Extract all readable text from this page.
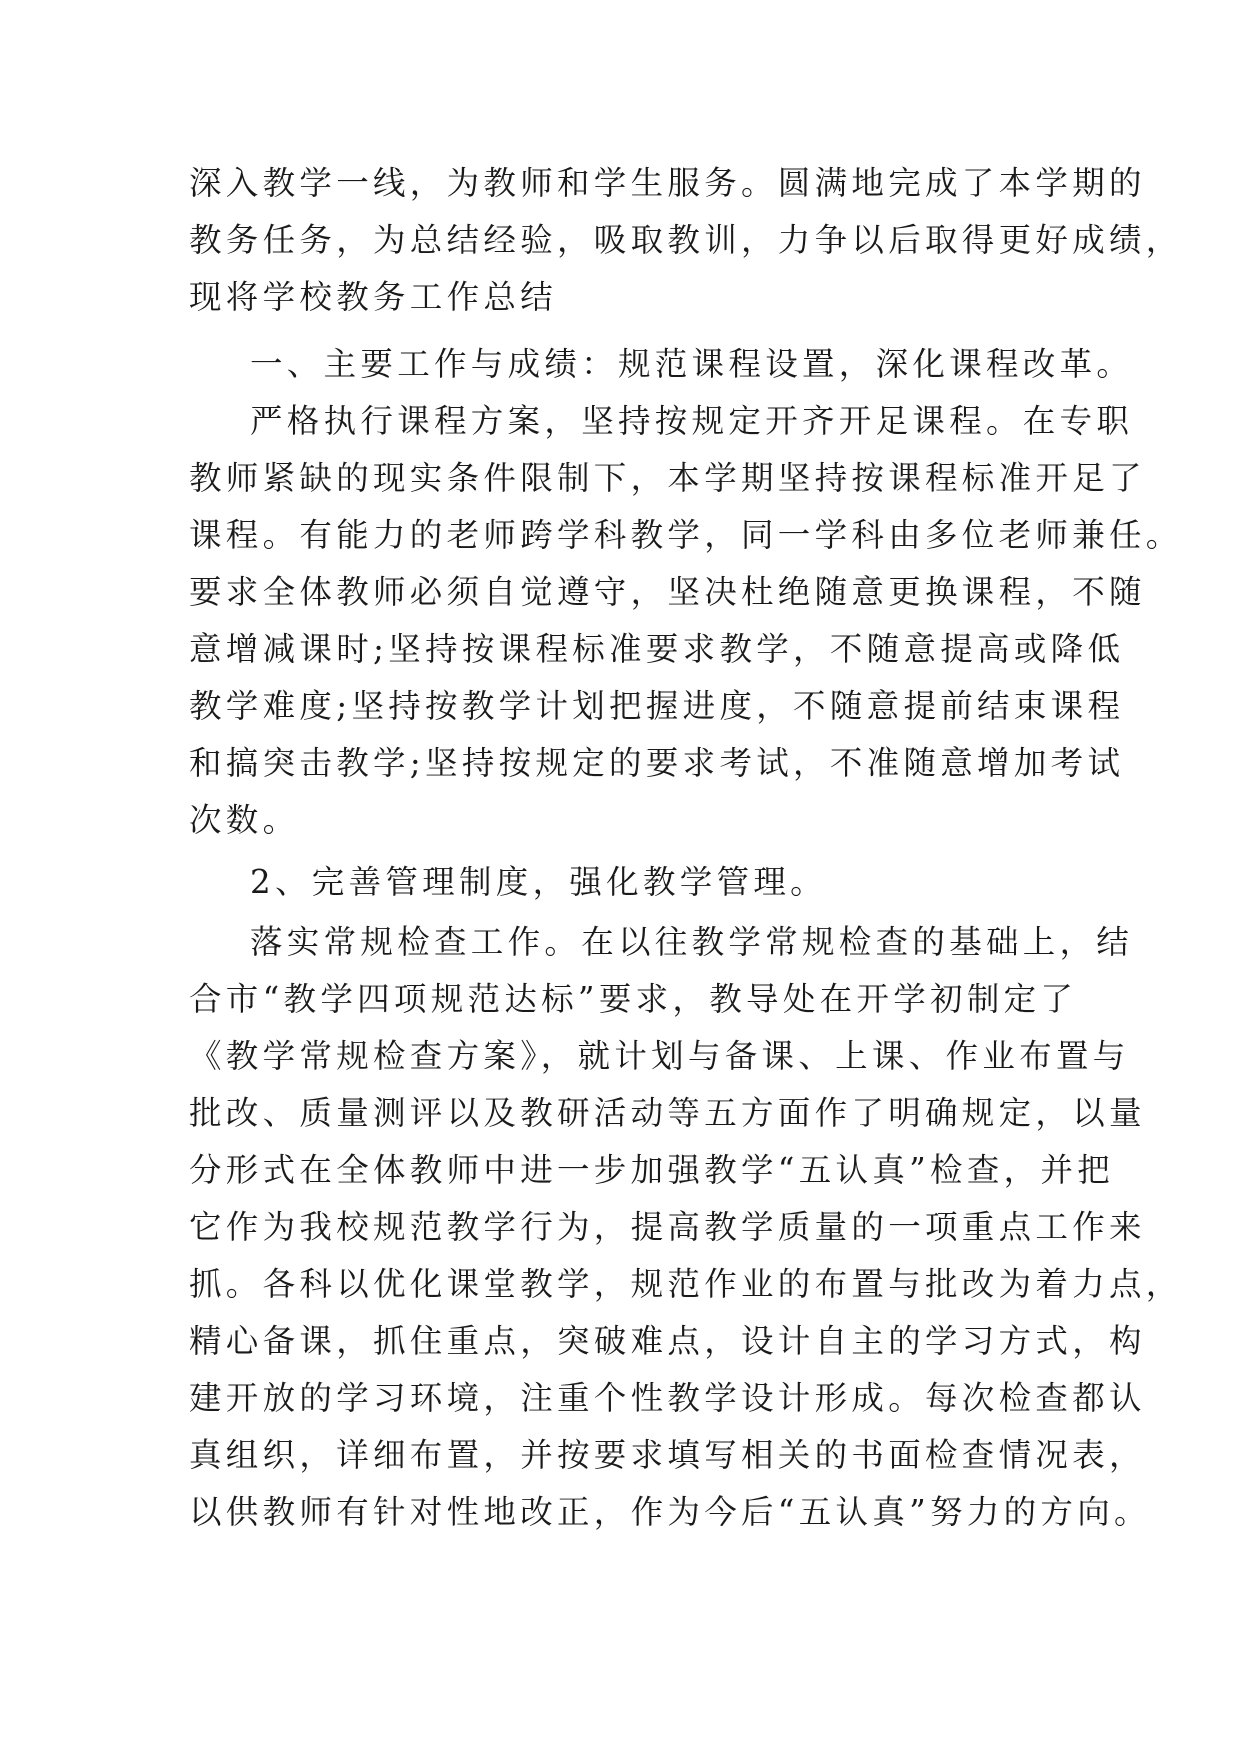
深入教学一线，为教师和学生服务。圆满地完成了本学期的
教务任务，为总结经验，吸取教训，力争以后取得更好成绩，
现将学校教务工作总结
一、主要工作与成绩：规范课程设置，深化课程改革。
严格执行课程方案，坚持按规定开齐开足课程。在专职
教师紧缺的现实条件限制下，本学期坚持按课程标准开足了
课程。有能力的老师跨学科教学，同一学科由多位老师兼任。
要求全体教师必须自觉遵守，坚决杜绝随意更换课程，不随
意增减课时;坚持按课程标准要求教学，不随意提高或降低
教学难度;坚持按教学计划把握进度，不随意提前结束课程
和搞突击教学;坚持按规定的要求考试，不准随意增加考试
次数。
2、完善管理制度，强化教学管理。
落实常规检查工作。在以往教学常规检查的基础上，结
合市“教学四项规范达标”要求，教导处在开学初制定了
《教学常规检查方案》，就计划与备课、上课、作业布置与
批改、质量测评以及教研活动等五方面作了明确规定，以量
分形式在全体教师中进一步加强教学“五认真”检查，并把
它作为我校规范教学行为，提高教学质量的一项重点工作来
抓。各科以优化课堂教学，规范作业的布置与批改为着力点，
精心备课，抓住重点，突破难点，设计自主的学习方式，构
建开放的学习环境，注重个性教学设计形成。每次检查都认
真组织，详细布置，并按要求填写相关的书面检查情况表，
以供教师有针对性地改正，作为今后“五认真”努力的方向。
